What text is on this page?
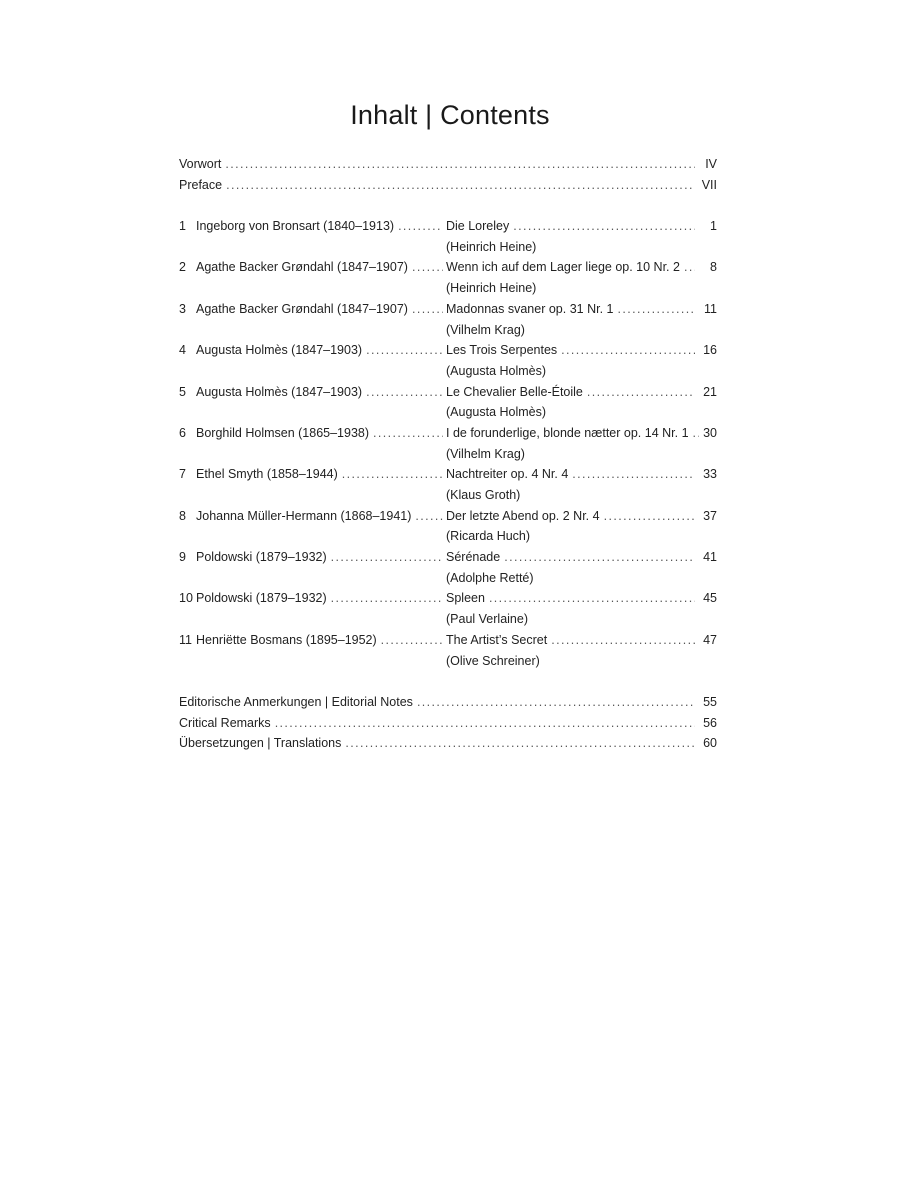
Inhalt | Contents
Vorwort .....	IV
Preface .....	VII
1 Ingeborg von Bronsart (1840–1913) .....	Die Loreley .....	1
(Heinrich Heine)
2 Agathe Backer Grøndahl (1847–1907) .....	Wenn ich auf dem Lager liege op. 10 Nr. 2 .....	8
(Heinrich Heine)
3 Agathe Backer Grøndahl (1847–1907) .....	Madonnas svaner op. 31 Nr. 1 .....	11
(Vilhelm Krag)
4 Augusta Holmès (1847–1903) .....	Les Trois Serpentes .....	16
(Augusta Holmès)
5 Augusta Holmès (1847–1903) .....	Le Chevalier Belle-Étoile .....	21
(Augusta Holmès)
6 Borghild Holmsen (1865–1938) .....	I de forunderlige, blonde nætter op. 14 Nr. 1 .....	30
(Vilhelm Krag)
7 Ethel Smyth (1858–1944) .....	Nachtreiter op. 4 Nr. 4 .....	33
(Klaus Groth)
8 Johanna Müller-Hermann (1868–1941) .....	Der letzte Abend op. 2 Nr. 4 .....	37
(Ricarda Huch)
9 Poldowski (1879–1932) .....	Sérénade .....	41
(Adolphe Retté)
10 Poldowski (1879–1932) .....	Spleen .....	45
(Paul Verlaine)
11 Henriëtte Bosmans (1895–1952) .....	The Artist’s Secret .....	47
(Olive Schreiner)
Editorische Anmerkungen | Editorial Notes .....	55
Critical Remarks .....	56
Übersetzungen | Translations .....	60
